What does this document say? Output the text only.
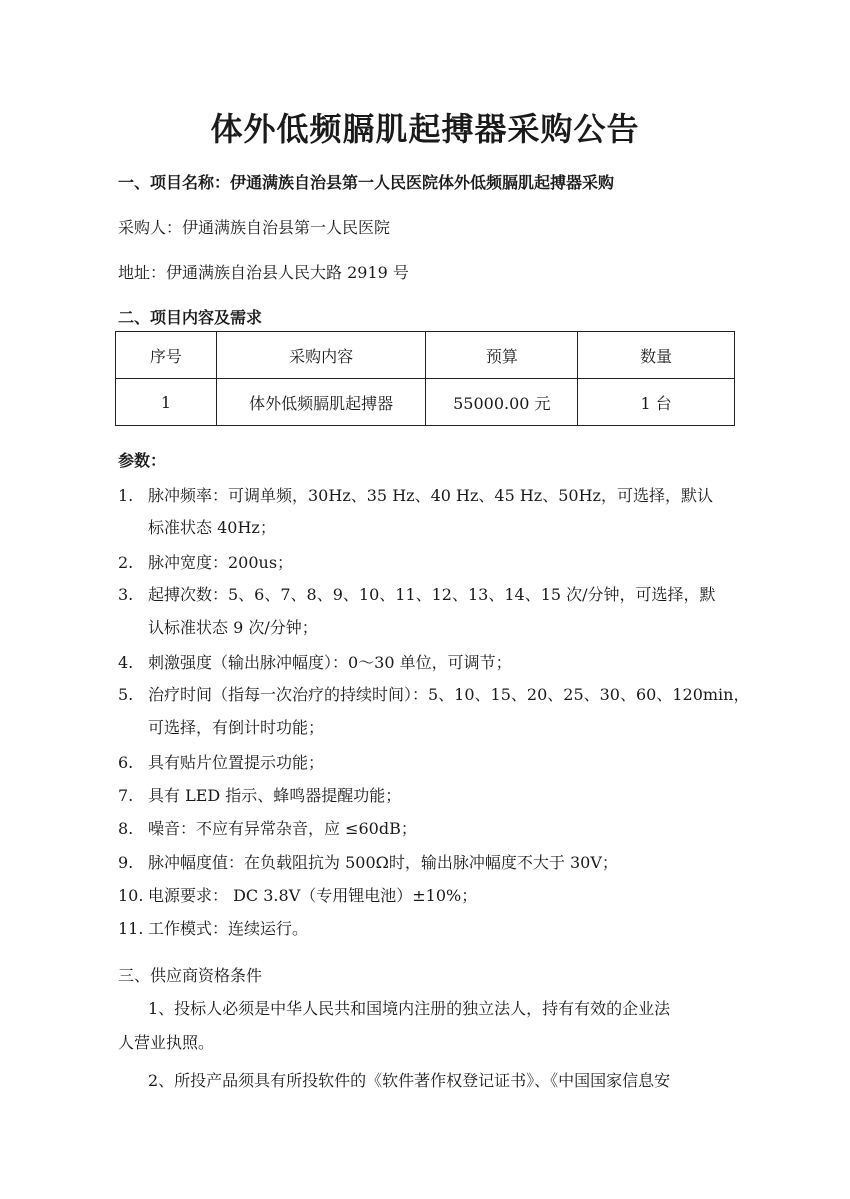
体外低频膈肌起搏器采购公告
一、项目名称：伊通满族自治县第一人民医院体外低频膈肌起搏器采购
采购人：伊通满族自治县第一人民医院
地址：伊通满族自治县人民大路 2919 号
二、项目内容及需求
序号	采购内容	预算	数量
1	体外低频膈肌起搏器	55000.00 元	1 台
参数：
1. 脉冲频率：可调单频，30Hz、35 Hz、40 Hz、45 Hz、50Hz，可选择，默认
标准状态 40Hz；
2. 脉冲宽度：200us；
3. 起搏次数：5、6、7、8、9、10、11、12、13、14、15 次/分钟，可选择，默
认标准状态 9 次/分钟；
4. 刺激强度（输出脉冲幅度）：0～30 单位，可调节；
5. 治疗时间（指每一次治疗的持续时间）：5、10、15、20、25、30、60、120min，
可选择，有倒计时功能；
6. 具有贴片位置提示功能；
7. 具有 LED 指示、蜂鸣器提醒功能；
8. 噪音：不应有异常杂音，应 ≤60dB；
9. 脉冲幅度值：在负载阻抗为 500Ω时，输出脉冲幅度不大于 30V；
10. 电源要求： DC 3.8V（专用锂电池）±10%；
11. 工作模式：连续运行。
三、供应商资格条件
1、投标人必须是中华人民共和国境内注册的独立法人，持有有效的企业法
人营业执照。
2、所投产品须具有所投软件的《软件著作权登记证书》、《中国国家信息安
